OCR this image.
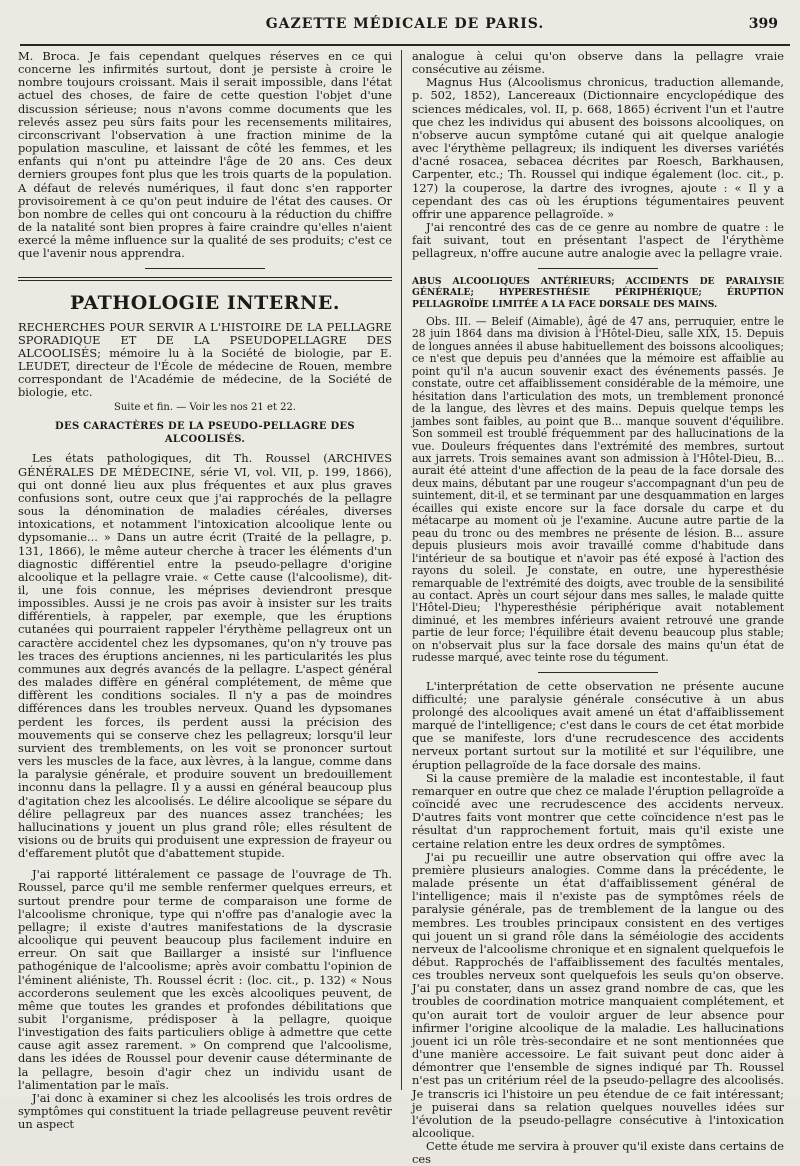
GAZETTE MÉDICALE DE PARIS.	399

M. Broca. Je fais cependant quelques réserves en ce qui concerne les infirmités surtout, dont je persiste à croire le nombre toujours croissant. Mais il serait impossible, dans l'état actuel des choses, de faire de cette question l'objet d'une discussion sérieuse; nous n'avons comme documents que les relevés assez peu sûrs faits pour les recensements militaires, circonscrivant l'observation à une fraction minime de la population masculine, et laissant de côté les femmes, et les enfants qui n'ont pu atteindre l'âge de 20 ans. Ces deux derniers groupes font plus que les trois quarts de la population. A défaut de relevés numériques, il faut donc s'en rapporter provisoirement à ce qu'on peut induire de l'état des causes. Or bon nombre de celles qui ont concouru à la réduction du chiffre de la natalité sont bien propres à faire craindre qu'elles n'aient exercé la même influence sur la qualité de ses produits; c'est ce que l'avenir nous apprendra.

PATHOLOGIE INTERNE.

RECHERCHES POUR SERVIR A L'HISTOIRE DE LA PELLAGRE SPORADIQUE ET DE LA PSEUDOPELLAGRE DES ALCOOLISÉS; mémoire lu à la Société de biologie, par E. LEUDET, directeur de l'École de médecine de Rouen, membre correspondant de l'Académie de médecine, de la Société de biologie, etc.

Suite et fin. — Voir les nos 21 et 22.
DES CARACTÈRES DE LA PSEUDO-PELLAGRE DES ALCOOLISÉS.

Les états pathologiques, dit Th. Roussel (ARCHIVES GÉNÉRALES DE MÉDECINE, série VI, vol. VII, p. 199, 1866), qui ont donné lieu aux plus fréquentes et aux plus graves confusions sont, outre ceux que j'ai rapprochés de la pellagre sous la dénomination de maladies céréales, diverses intoxications, et notamment l'intoxication alcoolique lente ou dypsomanie... » Dans un autre écrit (Traité de la pellagre, p. 131, 1866), le même auteur cherche à tracer les éléments d'un diagnostic différentiel entre la pseudo-pellagre d'origine alcoolique et la pellagre vraie. « Cette cause (l'alcoolisme), dit-il, une fois connue, les méprises deviendront presque impossibles. Aussi je ne crois pas avoir à insister sur les traits différentiels, à rappeler, par exemple, que les éruptions cutanées qui pourraient rappeler l'érythème pellagreux ont un caractère accidentel chez les dypsomanes, qu'on n'y trouve pas les traces des éruptions anciennes, ni les particularités les plus communes aux degrés avancés de la pellagre. L'aspect général des malades diffère en général complétement, de même que diffèrent les conditions sociales. Il n'y a pas de moindres différences dans les troubles nerveux. Quand les dypsomanes perdent les forces, ils perdent aussi la précision des mouvements qui se conserve chez les pellagreux; lorsqu'il leur survient des tremblements, on les voit se prononcer surtout vers les muscles de la face, aux lèvres, à la langue, comme dans la paralysie générale, et produire souvent un bredouillement inconnu dans la pellagre. Il y a aussi en général beaucoup plus d'agitation chez les alcoolisés. Le délire alcoolique se sépare du délire pellagreux par des nuances assez tranchées; les hallucinations y jouent un plus grand rôle; elles résultent de visions ou de bruits qui produisent une expression de frayeur ou d'effarement plutôt que d'abattement stupide.

J'ai rapporté littéralement ce passage de l'ouvrage de Th. Roussel, parce qu'il me semble renfermer quelques erreurs, et surtout prendre pour terme de comparaison une forme de l'alcoolisme chronique, type qui n'offre pas d'analogie avec la pellagre; il existe d'autres manifestations de la dyscrasie alcoolique qui peuvent beaucoup plus facilement induire en erreur. On sait que Baillarger a insisté sur l'influence pathogénique de l'alcoolisme; après avoir combattu l'opinion de l'éminent aliéniste, Th. Roussel écrit : (loc. cit., p. 132) « Nous accorderons seulement que les excès alcooliques peuvent, de même que toutes les grandes et profondes débilitations que subit l'organisme, prédisposer à la pellagre, quoique l'investigation des faits particuliers oblige à admettre que cette cause agit assez rarement. » On comprend que l'alcoolisme, dans les idées de Roussel pour devenir cause déterminante de la pellagre, besoin d'agir chez un individu usant de l'alimentation par le maïs.

J'ai donc à examiner si chez les alcoolisés les trois ordres de symptômes qui constituent la triade pellagreuse peuvent revêtir un aspect

analogue à celui qu'on observe dans la pellagre vraie consécutive au zéisme.

Magnus Hus (Alcoolismus chronicus, traduction allemande, p. 502, 1852), Lancereaux (Dictionnaire encyclopédique des sciences médicales, vol. II, p. 668, 1865) écrivent l'un et l'autre que chez les individus qui abusent des boissons alcooliques, on n'observe aucun symptôme cutané qui ait quelque analogie avec l'érythème pellagreux; ils indiquent les diverses variétés d'acné rosacea, sebacea décrites par Roesch, Barkhausen, Carpenter, etc.; Th. Roussel qui indique également (loc. cit., p. 127) la couperose, la dartre des ivrognes, ajoute : « Il y a cependant des cas où les éruptions tégumentaires peuvent offrir une apparence pellagroïde. »

J'ai rencontré des cas de ce genre au nombre de quatre : le fait suivant, tout en présentant l'aspect de l'érythème pellagreux, n'offre aucune autre analogie avec la pellagre vraie.

ABUS ALCOOLIQUES ANTÉRIEURS; ACCIDENTS DE PARALYSIE GÉNÉRALE; HYPERESTHÉSIE PÉRIPHÉRIQUE; ÉRUPTION PELLAGROÏDE LIMITÉE A LA FACE DORSALE DES MAINS.

Obs. III. — Beleif (Aimable), âgé de 47 ans, perruquier, entre le 28 juin 1864 dans ma division à l'Hôtel-Dieu, salle XIX, 15. Depuis de longues années il abuse habituellement des boissons alcooliques; ce n'est que depuis peu d'années que la mémoire est affaiblie au point qu'il n'a aucun souvenir exact des événements passés. Je constate, outre cet affaiblissement considérable de la mémoire, une hésitation dans l'articulation des mots, un tremblement prononcé de la langue, des lèvres et des mains. Depuis quelque temps les jambes sont faibles, au point que B... manque souvent d'équilibre. Son sommeil est troublé fréquemment par des hallucinations de la vue. Douleurs fréquentes dans l'extrémité des membres, surtout aux jarrets. Trois semaines avant son admission à l'Hôtel-Dieu, B... aurait été atteint d'une affection de la peau de la face dorsale des deux mains, débutant par une rougeur s'accompagnant d'un peu de suintement, dit-il, et se terminant par une desquammation en larges écailles qui existe encore sur la face dorsale du carpe et du métacarpe au moment où je l'examine. Aucune autre partie de la peau du tronc ou des membres ne présente de lésion. B... assure depuis plusieurs mois avoir travaillé comme d'habitude dans l'intérieur de sa boutique et n'avoir pas été exposé à l'action des rayons du soleil. Je constate, en outre, une hyperesthésie remarquable de l'extrémité des doigts, avec trouble de la sensibilité au contact. Après un court séjour dans mes salles, le malade quitte l'Hôtel-Dieu; l'hyperesthésie périphérique avait notablement diminué, et les membres inférieurs avaient retrouvé une grande partie de leur force; l'équilibre était devenu beaucoup plus stable; on n'observait plus sur la face dorsale des mains qu'un état de rudesse marqué, avec teinte rose du tégument.

L'interprétation de cette observation ne présente aucune difficulté; une paralysie générale consécutive à un abus prolongé des alcooliques avait amené un état d'affaiblissement marqué de l'intelligence; c'est dans le cours de cet état morbide que se manifeste, lors d'une recrudescence des accidents nerveux portant surtout sur la motilité et sur l'équilibre, une éruption pellagroïde de la face dorsale des mains.

Si la cause première de la maladie est incontestable, il faut remarquer en outre que chez ce malade l'éruption pellagroïde a coïncidé avec une recrudescence des accidents nerveux. D'autres faits vont montrer que cette coïncidence n'est pas le résultat d'un rapprochement fortuit, mais qu'il existe une certaine relation entre les deux ordres de symptômes.

J'ai pu recueillir une autre observation qui offre avec la première plusieurs analogies. Comme dans la précédente, le malade présente un état d'affaiblissement général de l'intelligence; mais il n'existe pas de symptômes réels de paralysie générale, pas de tremblement de la langue ou des membres. Les troubles principaux consistent en des vertiges qui jouent un si grand rôle dans la séméiologie des accidents nerveux de l'alcoolisme chronique et en signalent quelquefois le début. Rapprochés de l'affaiblissement des facultés mentales, ces troubles nerveux sont quelquefois les seuls qu'on observe. J'ai pu constater, dans un assez grand nombre de cas, que les troubles de coordination motrice manquaient complétement, et qu'on aurait tort de vouloir arguer de leur absence pour infirmer l'origine alcoolique de la maladie. Les hallucinations jouent ici un rôle très-secondaire et ne sont mentionnées que d'une manière accessoire. Le fait suivant peut donc aider à démontrer que l'ensemble de signes indiqué par Th. Roussel n'est pas un critérium réel de la pseudo-pellagre des alcoolisés. Je transcris ici l'histoire un peu étendue de ce fait intéressant; je puiserai dans sa relation quelques nouvelles idées sur l'évolution de la pseudo-pellagre consécutive à l'intoxication alcoolique.

Cette étude me servira à prouver qu'il existe dans certains de ces
